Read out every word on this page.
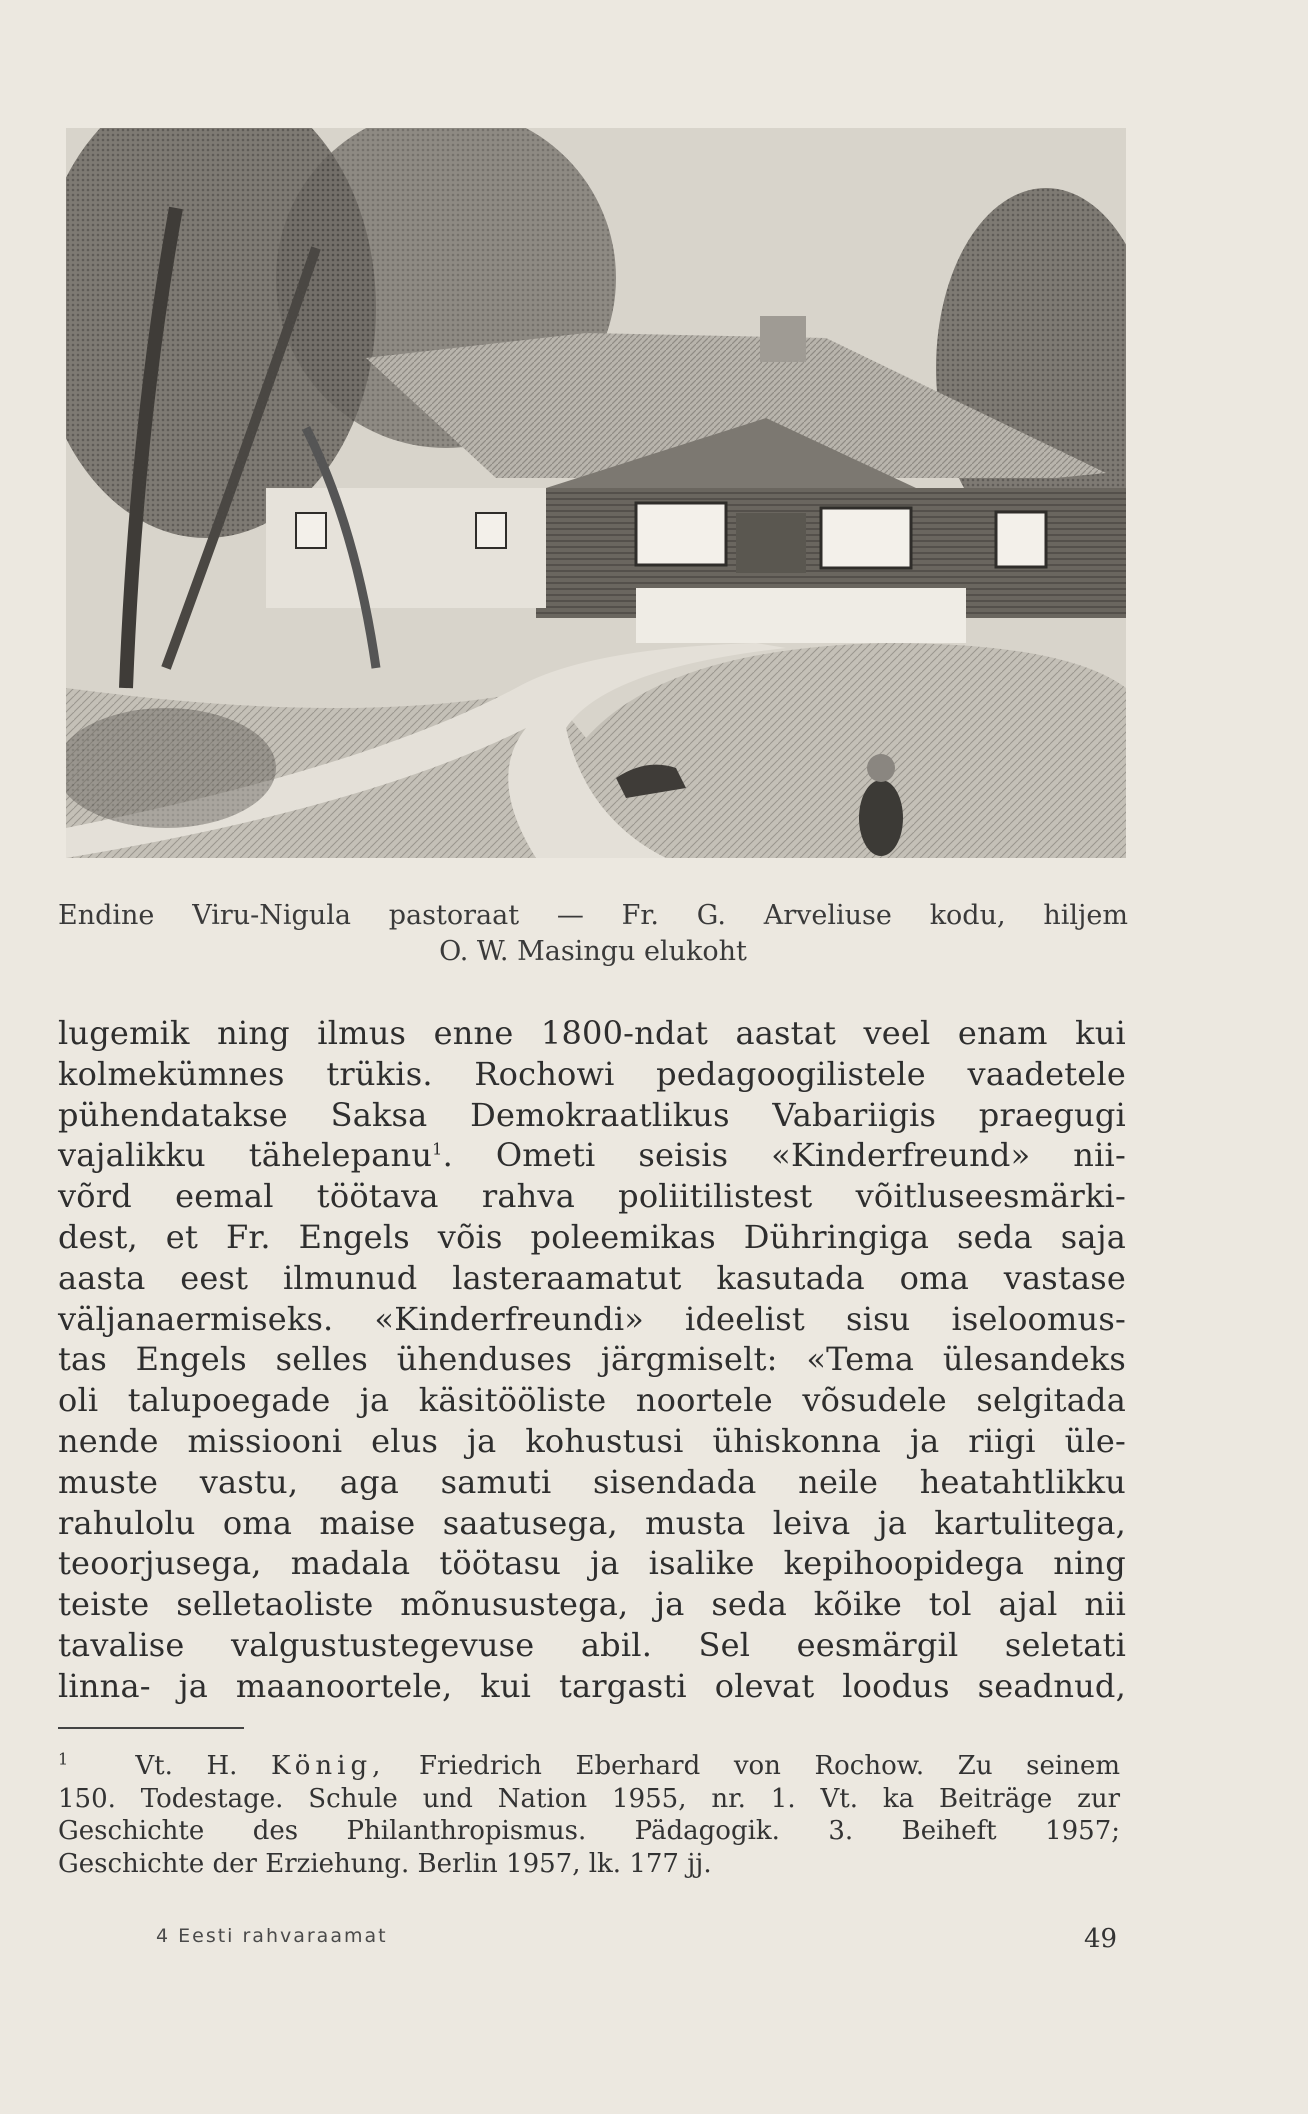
Endine Viru-Nigula pastoraat — Fr. G. Arveliuse kodu, hiljem
O. W. Masingu elukoht
lugemik ning ilmus enne 1800-ndat aastat veel enam kui
kolmekümnes trükis. Rochowi pedagoogilistele vaadetele
pühendatakse Saksa Demokraatlikus Vabariigis praegugi
vajalikku tähelepanu$^1$. Ometi seisis «Kinderfreund» nii-
võrd eemal töötava rahva poliitilistest võitluseesmärki-
dest, et Fr. Engels võis poleemikas Dühringiga seda saja
aasta eest ilmunud lasteraamatut kasutada oma vastase
väljanaermiseks. «Kinderfreundi» ideelist sisu iseloomus-
tas Engels selles ühenduses järgmiselt: «Tema ülesandeks
oli talupoegade ja käsitööliste noortele võsudele selgitada
nende missiooni elus ja kohustusi ühiskonna ja riigi üle-
muste vastu, aga samuti sisendada neile heatahtlikku
rahulolu oma maise saatusega, musta leiva ja kartulitega,
teoorjusega, madala töötasu ja isalike kepihoopidega ning
teiste selletaoliste mõnusustega, ja seda kõike tol ajal nii
tavalise valgustustegevuse abil. Sel eesmärgil seletati
linna- ja maanoortele, kui targasti olevat loodus seadnud,
$^1$	Vt. H. König, Friedrich Eberhard von Rochow. Zu seinem
150. Todestage. Schule und Nation 1955, nr. 1. Vt. ka Beiträge zur
Geschichte des Philanthropismus. Pädagogik. 3. Beiheft 1957;
Geschichte der Erziehung. Berlin 1957, lk. 177 jj.
4 Eesti rahvaraamat	49
